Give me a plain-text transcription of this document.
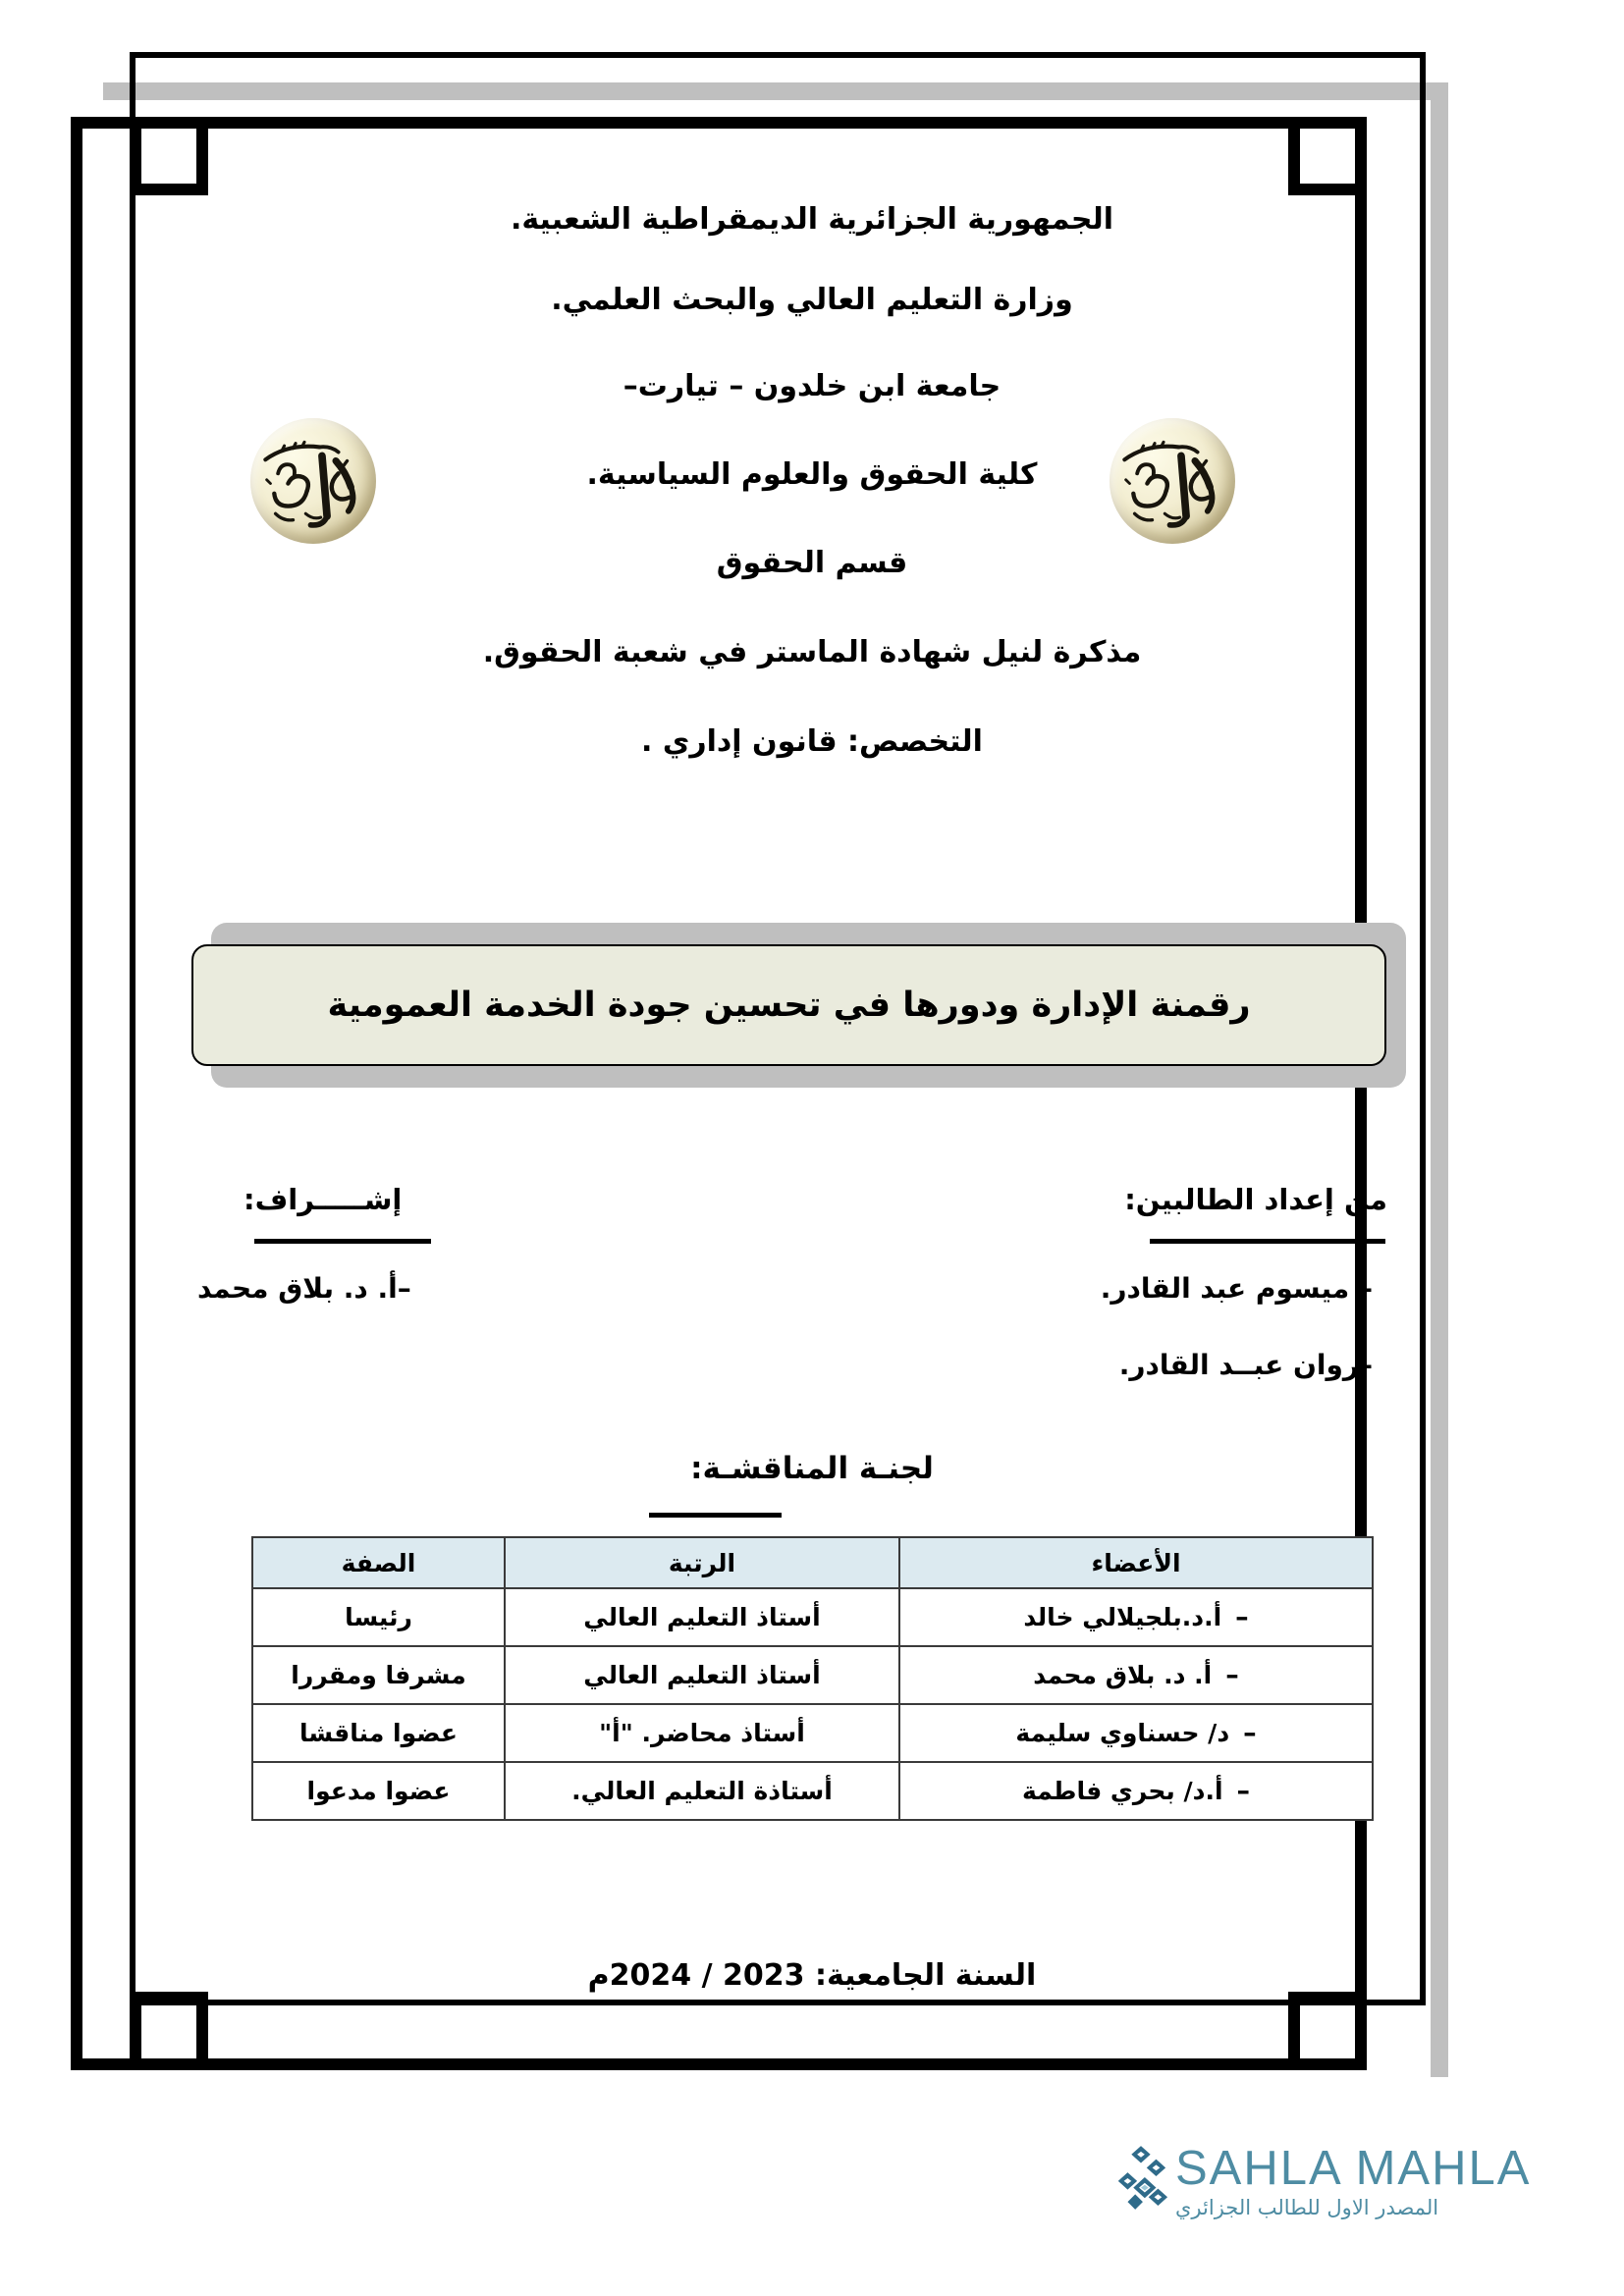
الجمهورية الجزائرية الديمقراطية الشعبية.
وزارة التعليم العالي والبحث العلمي.
جامعة ابن خلدون – تيارت–
كلية الحقوق والعلوم السياسية.
قسم الحقوق
مذكرة لنيل شهادة الماستر في شعبة الحقوق.
التخصص: قانون إداري .
رقمنة الإدارة ودورها في تحسين جودة الخدمة العمومية
من إعداد الطالبين:
– ميسوم عبد القادر.
–روان عبــد القادر.
إشـــــراف:
–أ. د. بلاق محمد
لجنـة المناقشـة:
الأعضاء	الرتبة	الصفة

–
أ.د.بلجيلالي خالد	أستاذ التعليم العالي	رئيسا

–
أ. د. بلاق محمد	أستاذ التعليم العالي	مشرفا ومقررا

–
د/ حسناوي سليمة	أستاذ محاضر. "أ"	عضوا مناقشا

–
أ.د/ بحري فاطمة	أستاذة التعليم العالي.	عضوا مدعوا
السنة الجامعية: 2023 / 2024م
SAHLA MAHLA
المصدر الاول للطالب الجزائري
